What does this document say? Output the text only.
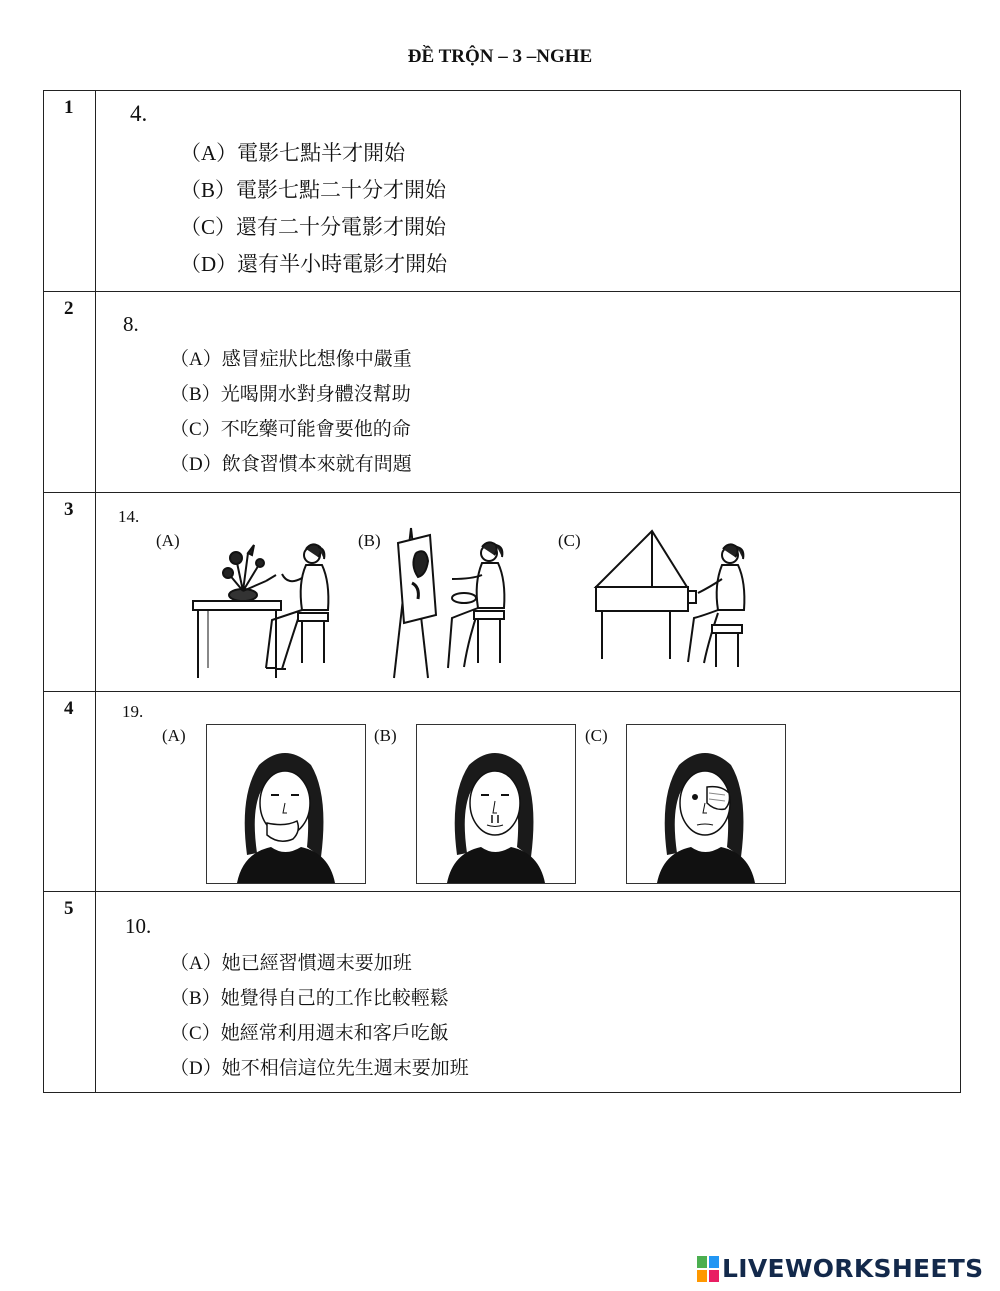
ĐỀ TRỘN – 3 –NGHE
1	4.
（A）電影七點半才開始
（B）電影七點二十分才開始
（C）還有二十分電影才開始
（D）還有半小時電影才開始

2	8.
（A）感冒症狀比想像中嚴重
（B）光喝開水對身體沒幫助
（C）不吃藥可能會要他的命
（D）飲食習慣本來就有問題

3	14.
(A) (B) (C)

4	19.
(A) (B) (C)

5	10.
（A）她已經習慣週末要加班
（B）她覺得自己的工作比較輕鬆
（C）她經常利用週末和客戶吃飯
（D）她不相信這位先生週末要加班
LIVEWORKSHEETS
